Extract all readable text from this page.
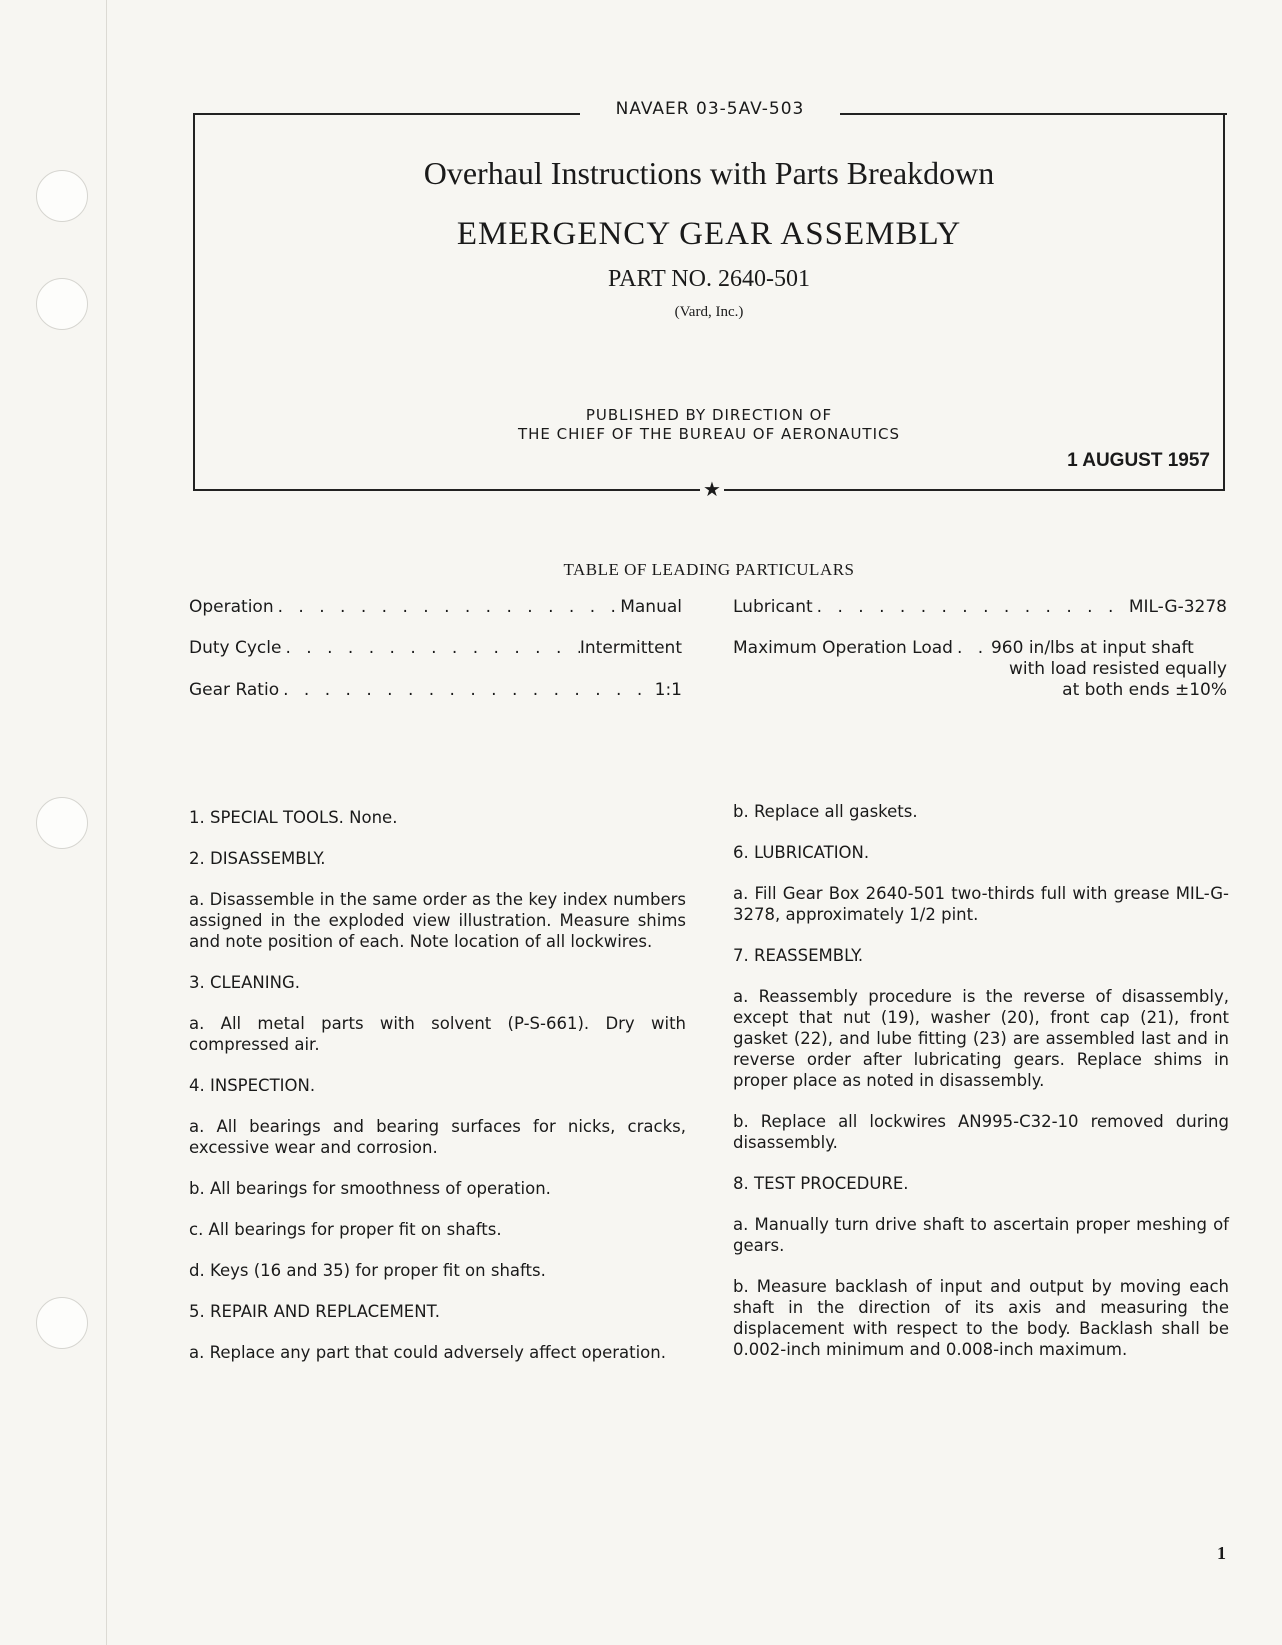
NAVAER 03-5AV-503
Overhaul Instructions with Parts Breakdown
EMERGENCY GEAR ASSEMBLY
PART NO. 2640-501
(Vard, Inc.)
PUBLISHED BY DIRECTION OF
THE CHIEF OF THE BUREAU OF AERONAUTICS
1 AUGUST 1957
★
TABLE OF LEADING PARTICULARS
Operation . . .	Manual
Duty Cycle . . .	Intermittent
Gear Ratio . . .	1:1
Lubricant . . .	MIL-G-3278
Maximum Operation Load . . . 960 in/lbs at input shaft
with load resisted equally
at both ends ±10%

1. SPECIAL TOOLS. None.

2. DISASSEMBLY.

a. Disassemble in the same order as the key index numbers assigned in the exploded view illustration. Measure shims and note position of each. Note location of all lockwires.

3. CLEANING.

a. All metal parts with solvent (P-S-661). Dry with compressed air.

4. INSPECTION.

a. All bearings and bearing surfaces for nicks, cracks, excessive wear and corrosion.

b. All bearings for smoothness of operation.

c. All bearings for proper fit on shafts.

d. Keys (16 and 35) for proper fit on shafts.

5. REPAIR AND REPLACEMENT.

a. Replace any part that could adversely affect operation.

b. Replace all gaskets.

6. LUBRICATION.

a. Fill Gear Box 2640-501 two-thirds full with grease MIL-G-3278, approximately 1/2 pint.

7. REASSEMBLY.

a. Reassembly procedure is the reverse of disassembly, except that nut (19), washer (20), front cap (21), front gasket (22), and lube fitting (23) are assembled last and in reverse order after lubricating gears. Replace shims in proper place as noted in disassembly.

b. Replace all lockwires AN995-C32-10 removed during disassembly.

8. TEST PROCEDURE.

a. Manually turn drive shaft to ascertain proper meshing of gears.

b. Measure backlash of input and output by moving each shaft in the direction of its axis and measuring the displacement with respect to the body. Backlash shall be 0.002-inch minimum and 0.008-inch maximum.

1
